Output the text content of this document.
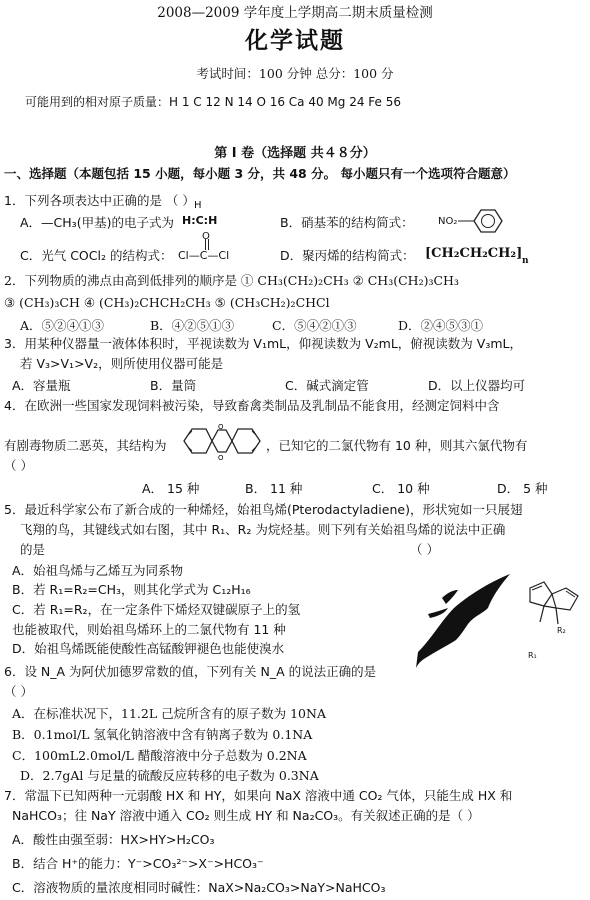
2008—2009 学年度上学期高二期末质量检测
化学试题
考试时间：100 分钟 总分：100 分
可能用到的相对原子质量：H 1 C 12 N 14 O 16 Ca 40 Mg 24 Fe 56
第 I 卷（选择题 共４８分）
一、选择题（本题包括 15 小题，每小题 3 分，共 48 分。 每小题只有一个选项符合题意）
1．下列各项表达中正确的是 （ ）
A．—CH₃(甲基)的电子式为
H
H:C:H	B．硝基苯的结构简式： NO₂
C．光气 COCl₂ 的结构式：
O
Cl—C—Cl	D．聚丙烯的结构简式： [CH₂CH₂CH₂] n
2．下列物质的沸点由高到低排列的顺序是 ① CH₃(CH₂)₂CH₃ ② CH₃(CH₂)₃CH₃
③ (CH₃)₃CH ④ (CH₃)₂CHCH₂CH₃ ⑤ (CH₃CH₂)₂CHCl
A．⑤②④①③	B．④②⑤①③	C．⑤④②①③	D．②④⑤③①
3．用某种仪器量一液体体积时，平视读数为 V₁mL，仰视读数为 V₂mL，俯视读数为 V₃mL，
若 V₃>V₁>V₂，则所使用仪器可能是
A．容量瓶	B．量筒	C．碱式滴定管	D．以上仪器均可
4．在欧洲一些国家发现饲料被污染，导致畜禽类制品及乳制品不能食用，经测定饲料中含
有剧毒物质二恶英，其结构为
O
O
，已知它的二氯代物有 10 种，则其六氯代物有
（ ）
A． 15 种	B． 11 种	C． 10 种	D． 5 种
5．最近科学家公布了新合成的一种烯烃，始祖鸟烯(Pterodactyladiene)，形状宛如一只展翅
飞翔的鸟，其键线式如右图，其中 R₁、R₂ 为烷烃基。则下列有关始祖鸟烯的说法中正确
的是	（ ）
A．始祖鸟烯与乙烯互为同系物
B．若 R₁=R₂=CH₃，则其化学式为 C₁₂H₁₆
C．若 R₁=R₂，在一定条件下烯烃双键碳原子上的氢
也能被取代，则始祖鸟烯环上的二氯代物有 11 种
D．始祖鸟烯既能使酸性高锰酸钾褪色也能使溴水
R₂
R₁
6．设 N_A 为阿伏加德罗常数的值，下列有关 N_A 的说法正确的是
（ ）
A．在标准状况下，11.2L 己烷所含有的原子数为 10NA
B．0.1mol/L 氢氧化钠溶液中含有钠离子数为 0.1NA
C．100mL2.0mol/L 醋酸溶液中分子总数为 0.2NA
D．2.7gAl 与足量的硫酸反应转移的电子数为 0.3NA
7．常温下已知两种一元弱酸 HX 和 HY，如果向 NaX 溶液中通 CO₂ 气体，只能生成 HX 和
NaHCO₃；往 NaY 溶液中通入 CO₂ 则生成 HY 和 Na₂CO₃。有关叙述正确的是（ ）
A．酸性由强至弱：HX>HY>H₂CO₃
B．结合 H⁺的能力：Y⁻>CO₃²⁻>X⁻>HCO₃⁻
C．溶液物质的量浓度相同时碱性：NaX>Na₂CO₃>NaY>NaHCO₃
